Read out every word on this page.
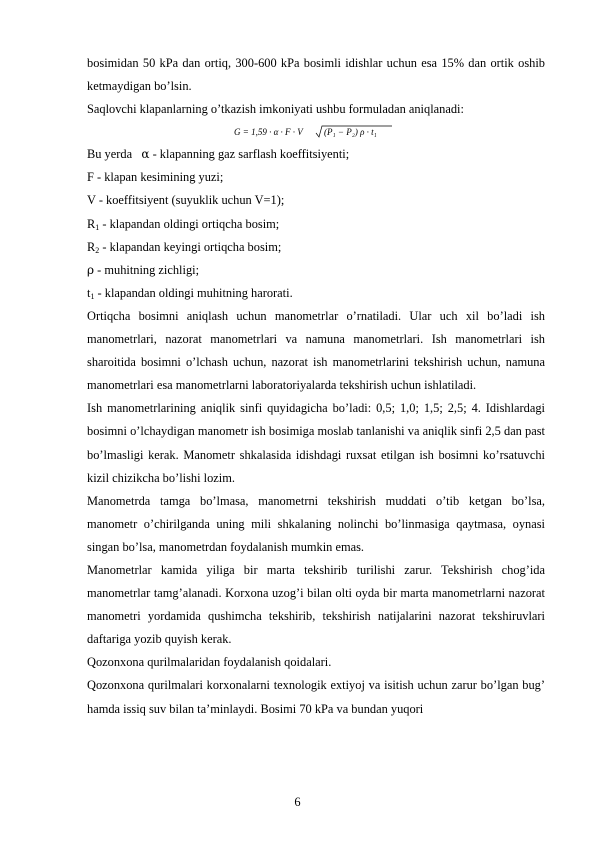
bosimidan 50 kPa dan ortiq, 300-600 kPa bosimli idishlar uchun esa 15% dan ortik oshib ketmaydigan bo’lsin.

Saqlovchi klapanlarning o’tkazish imkoniyati ushbu formuladan aniqlanadi:

G = 1,59 · α · F · V (P₁ − P₂) ρ · t₁

Bu yerda α - klapanning gaz sarflash koeffitsiyenti;

F - klapan kesimining yuzi;

V - koeffitsiyent (suyuklik uchun V=1);

$R_1$ - klapandan oldingi ortiqcha bosim;

$R_2$ - klapandan keyingi ortiqcha bosim;

ρ - muhitning zichligi;

$t_1$ - klapandan oldingi muhitning harorati.

Ortiqcha bosimni aniqlash uchun manometrlar o’rnatiladi. Ular uch xil bo’ladi ish manometrlari, nazorat manometrlari va namuna manometrlari. Ish manometrlari ish sharoitida bosimni o’lchash uchun, nazorat ish manometrlarini tekshirish uchun, namuna manometrlari esa manometrlarni laboratoriyalarda tekshirish uchun ishlatiladi.

Ish manometrlarining aniqlik sinfi quyidagicha bo’ladi: 0,5; 1,0; 1,5; 2,5; 4. Idishlardagi bosimni o’lchaydigan manometr ish bosimiga moslab tanlanishi va aniqlik sinfi 2,5 dan past bo’lmasligi kerak. Manometr shkalasida idishdagi ruxsat etilgan ish bosimni ko’rsatuvchi kizil chizikcha bo’lishi lozim.

Manometrda tamga bo’lmasa, manometrni tekshirish muddati o’tib ketgan bo’lsa, manometr o’chirilganda uning mili shkalaning nolinchi bo’linmasiga qaytmasa, oynasi singan bo’lsa, manometrdan foydalanish mumkin emas.

Manometrlar kamida yiliga bir marta tekshirib turilishi zarur. Tekshirish chog’ida manometrlar tamg’alanadi. Korxona uzog’i bilan olti oyda bir marta manometrlarni nazorat manometri yordamida qushimcha tekshirib, tekshirish natijalarini nazorat tekshiruvlari daftariga yozib quyish kerak.

Qozonxona qurilmalaridan foydalanish qoidalari.

Qozonxona qurilmalari korxonalarni texnologik extiyoj va isitish uchun zarur bo’lgan bug’ hamda issiq suv bilan ta’minlaydi. Bosimi 70 kPa va bundan yuqori

6
